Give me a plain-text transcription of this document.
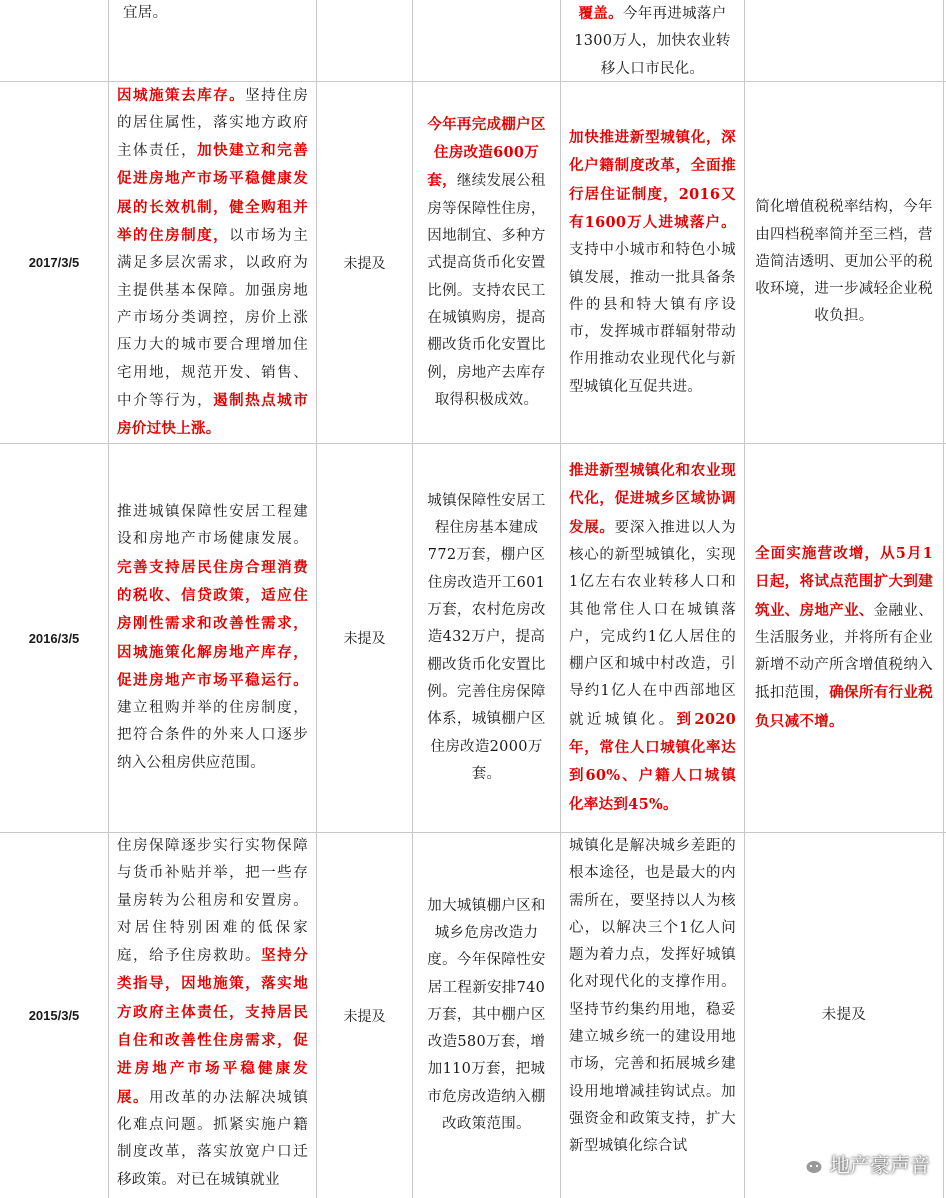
宜居。	覆盖。今年再进城落户1300万人，加快农业转移人口市民化。
2017/3/5
因城施策去库存。坚持住房的居住属性，落实地方政府主体责任，加快建立和完善促进房地产市场平稳健康发展的长效机制，健全购租并举的住房制度，以市场为主满足多层次需求，以政府为主提供基本保障。加强房地产市场分类调控，房价上涨压力大的城市要合理增加住宅用地，规范开发、销售、中介等行为，遏制热点城市房价过快上涨。
未提及
今年再完成棚户区住房改造600万套，继续发展公租房等保障性住房，因地制宜、多种方式提高货币化安置比例。支持农民工在城镇购房，提高棚改货币化安置比例，房地产去库存取得积极成效。
加快推进新型城镇化，深化户籍制度改革，全面推行居住证制度，2016又有1600万人进城落户。支持中小城市和特色小城镇发展，推动一批具备条件的县和特大镇有序设市，发挥城市群辐射带动作用推动农业现代化与新型城镇化互促共进。
简化增值税税率结构，今年由四档税率简并至三档，营造简洁透明、更加公平的税收环境，进一步减轻企业税收负担。
2016/3/5
推进城镇保障性安居工程建设和房地产市场健康发展。完善支持居民住房合理消费的税收、信贷政策，适应住房刚性需求和改善性需求，因城施策化解房地产库存，促进房地产市场平稳运行。建立租购并举的住房制度，把符合条件的外来人口逐步纳入公租房供应范围。
未提及
城镇保障性安居工程住房基本建成772万套，棚户区住房改造开工601万套，农村危房改造432万户，提高棚改货币化安置比例。完善住房保障体系，城镇棚户区住房改造2000万套。
推进新型城镇化和农业现代化，促进城乡区域协调发展。要深入推进以人为核心的新型城镇化，实现1亿左右农业转移人口和其他常住人口在城镇落户，完成约1亿人居住的棚户区和城中村改造，引导约1亿人在中西部地区就近城镇化。到2020年，常住人口城镇化率达到60%、户籍人口城镇化率达到45%。
全面实施营改增，从5月1日起，将试点范围扩大到建筑业、房地产业、金融业、生活服务业，并将所有企业新增不动产所含增值税纳入抵扣范围，确保所有行业税负只减不增。
2015/3/5
住房保障逐步实行实物保障与货币补贴并举，把一些存量房转为公租房和安置房。对居住特别困难的低保家庭，给予住房救助。坚持分类指导，因地施策，落实地方政府主体责任，支持居民自住和改善性住房需求，促进房地产市场平稳健康发展。用改革的办法解决城镇化难点问题。抓紧实施户籍制度改革，落实放宽户口迁移政策。对已在城镇就业
未提及
加大城镇棚户区和城乡危房改造力度。今年保障性安居工程新安排740万套，其中棚户区改造580万套，增加110万套，把城市危房改造纳入棚改政策范围。
城镇化是解决城乡差距的根本途径，也是最大的内需所在，要坚持以人为核心，以解决三个1亿人问题为着力点，发挥好城镇化对现代化的支撑作用。坚持节约集约用地，稳妥建立城乡统一的建设用地市场，完善和拓展城乡建设用地增减挂钩试点。加强资金和政策支持，扩大新型城镇化综合试
未提及
地产豪声音
